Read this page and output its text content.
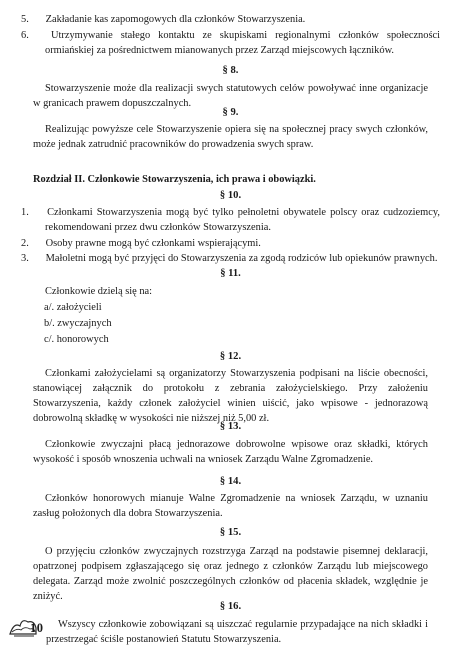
5. Zakładanie kas zapomogowych dla członków Stowarzyszenia.

6. Utrzymywanie stałego kontaktu ze skupiskami regionalnymi członków społeczności ormiańskiej za pośrednictwem mianowanych przez Zarząd miejscowych łączników.

§ 8.

Stowarzyszenie może dla realizacji swych statutowych celów powoływać inne organizacje w granicach prawem dopuszczalnych.

§ 9.

Realizując powyższe cele Stowarzyszenie opiera się na społecznej pracy swych członków, może jednak zatrudnić pracowników do prowadzenia swych spraw.

Rozdział II. Członkowie Stowarzyszenia, ich prawa i obowiązki.

§ 10.

1. Członkami Stowarzyszenia mogą być tylko pełnoletni obywatele polscy oraz cudzoziemcy, rekomendowani przez dwu członków Stowarzyszenia.

2. Osoby prawne mogą być członkami wspierającymi.

3. Małoletni mogą być przyjęci do Stowarzyszenia za zgodą rodziców lub opiekunów prawnych.

§ 11.

Członkowie dzielą się na:

a/. założycieli

b/. zwyczajnych

c/. honorowych

§ 12.

Członkami założycielami są organizatorzy Stowarzyszenia podpisani na liście obecności, stanowiącej załącznik do protokołu z zebrania założycielskiego. Przy założeniu Stowarzyszenia, każdy członek założyciel winien uiścić, jako wpisowe - jednorazową dobrowolną składkę w wysokości nie niższej niż 5,00 zł.

§ 13.

Członkowie zwyczajni płacą jednorazowe dobrowolne wpisowe oraz składki, których wysokość i sposób wnoszenia uchwali na wniosek Zarządu Walne Zgromadzenie.

§ 14.

Członków honorowych mianuje Walne Zgromadzenie na wniosek Zarządu, w uznaniu zasług położonych dla dobra Stowarzyszenia.

§ 15.

O przyjęciu członków zwyczajnych rozstrzyga Zarząd na podstawie pisemnej deklaracji, opatrzonej podpisem zgłaszającego się oraz jednego z członków Zarządu lub miejscowego delegata. Zarząd może zwolnić poszczególnych członków od płacenia składek, względnie je zniżyć.

§ 16.

Wszyscy członkowie zobowiązani są uiszczać regularnie przypadające na nich składki i przestrzegać ściśle postanowień Statutu Stowarzyszenia.

10
